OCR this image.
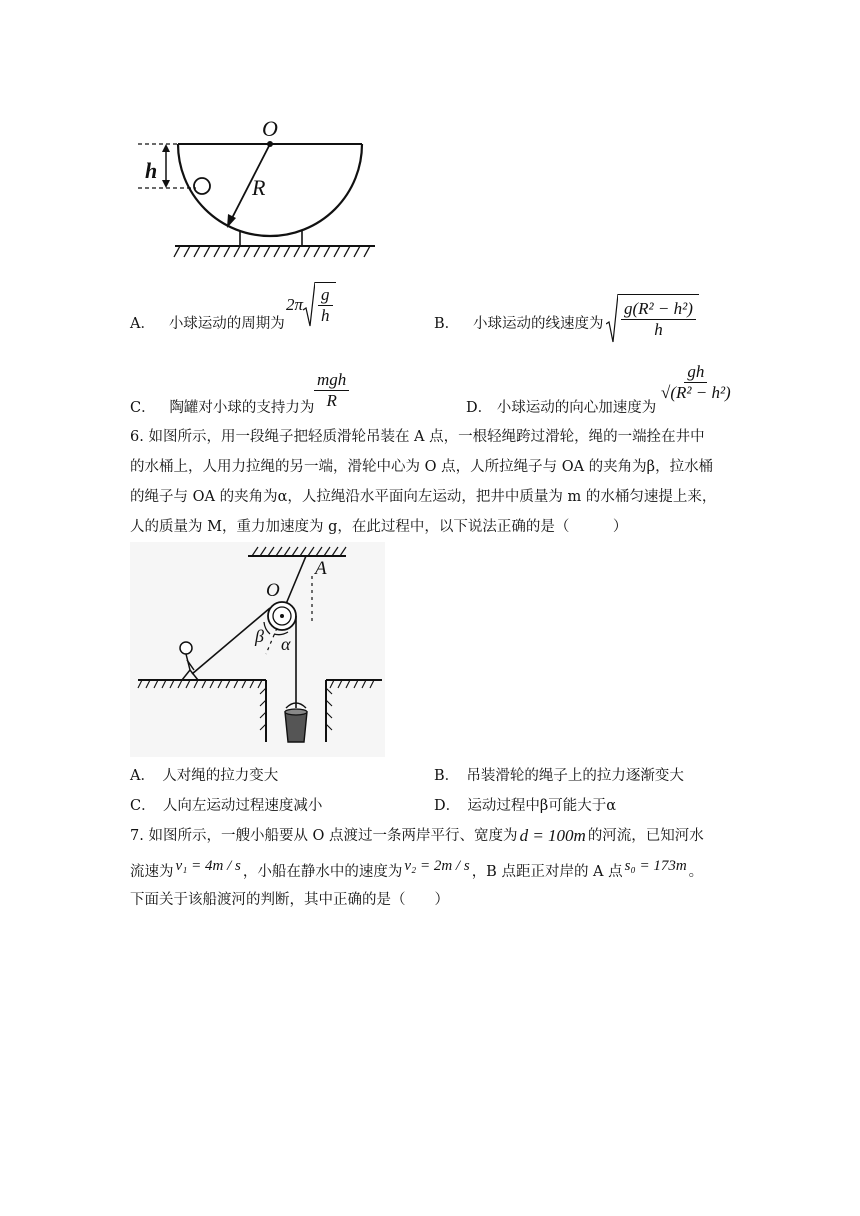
O
h
R
A． 小球运动的周期为
$2\pi \frac{g}{h}$	B． 小球运动的线速度为 $\frac{\text{g(R² − h²)}}{h}$
C． 陶罐对小球的支持力为 $\frac{\text{mgh}}{R}$	D． 小球运动的向心加速度为
$\frac{gh}{\text{√(R² − h²)}}$
6. 如图所示，用一段绳子把轻质滑轮吊装在 A 点，一根轻绳跨过滑轮，绳的一端拴在井中
的水桶上，人用力拉绳的另一端，滑轮中心为 O 点，人所拉绳子与 OA 的夹角为β，拉水桶
的绳子与 OA 的夹角为α，人拉绳沿水平面向左运动，把井中质量为 m 的水桶匀速提上来，
人的质量为 M，重力加速度为 g，在此过程中，以下说法正确的是（　　　）
A
O
β α
A．　人对绳的拉力变大	B．　吊装滑轮的绳子上的拉力逐渐变大
C．　人向左运动过程速度减小	D．　运动过程中β可能大于α
7. 如图所示，一艘小船要从 O 点渡过一条两岸平行、宽度为 d = 100m 的河流，已知河水
流速为 v₁ = 4m / s ，小船在静水中的速度为 v₂ = 2m / s ，B 点距正对岸的 A 点 s₀ = 173m 。
下面关于该船渡河的判断，其中正确的是（　　）
